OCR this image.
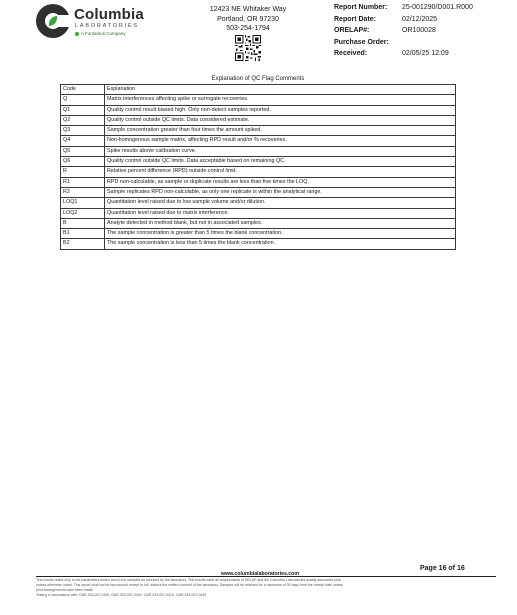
Columbia
LABORATORIES
A Fontamus Company
12423 NE Whitaker Way
Portland, OR 97230
503-254-1794
Report Number: 25-001290/D001.R000
Report Date:	02/12/2025
ORELAP#:	OR100028
Purchase Order:
Received:	02/05/25 12:09
Explanation of QC Flag Comments
Code	Explanation
Q	Matrix interferences affecting spike or surrogate recoveries.
Q1	Quality control result biased high. Only non-detect samples reported.
Q2	Quality control outside QC limits. Data considered estimate.
Q3	Sample concentration greater than four times the amount spiked.
Q4	Non-homogenous sample matrix, affecting RPD result and/or % recoveries.
Q5	Spike results above calibration curve.
Q6	Quality control outside QC limits. Data acceptable based on remaining QC.
R	Relative percent difference (RPD) outside control limit.
R1	RPD non-calculable, as sample or duplicate results are less than five times the LOQ.
R2	Sample replicates RPD non-calculable, as only one replicate is within the analytical range.
LOQ1	Quantitation level raised due to low sample volume and/or dilution.
LOQ2	Quantitation level raised due to matrix interference.
B	Analyte detected in method blank, but not in associated samples.
B1	The sample concentration is greater than 5 times the blank concentration.
B2	The sample concentration is less than 5 times the blank concentration.
Page 16 of 16
www.columbialaboratories.com
Test results relate only to the parameters tested and to the samples as received by the laboratory. Test results meet all requirements of NELAP and the Columbia Laboratories quality assurance plan
unless otherwise noted. This report shall not be reproduced except in full, without the written consent of the laboratory. Samples will be retained for a maximum of 30 days from the receipt date unless
prior arrangements have been made.
Testing in accordance with: OAR 333-007-0300, OAR 333-007-0400, OAR 333-007-0410, OAR 333-007-0430
